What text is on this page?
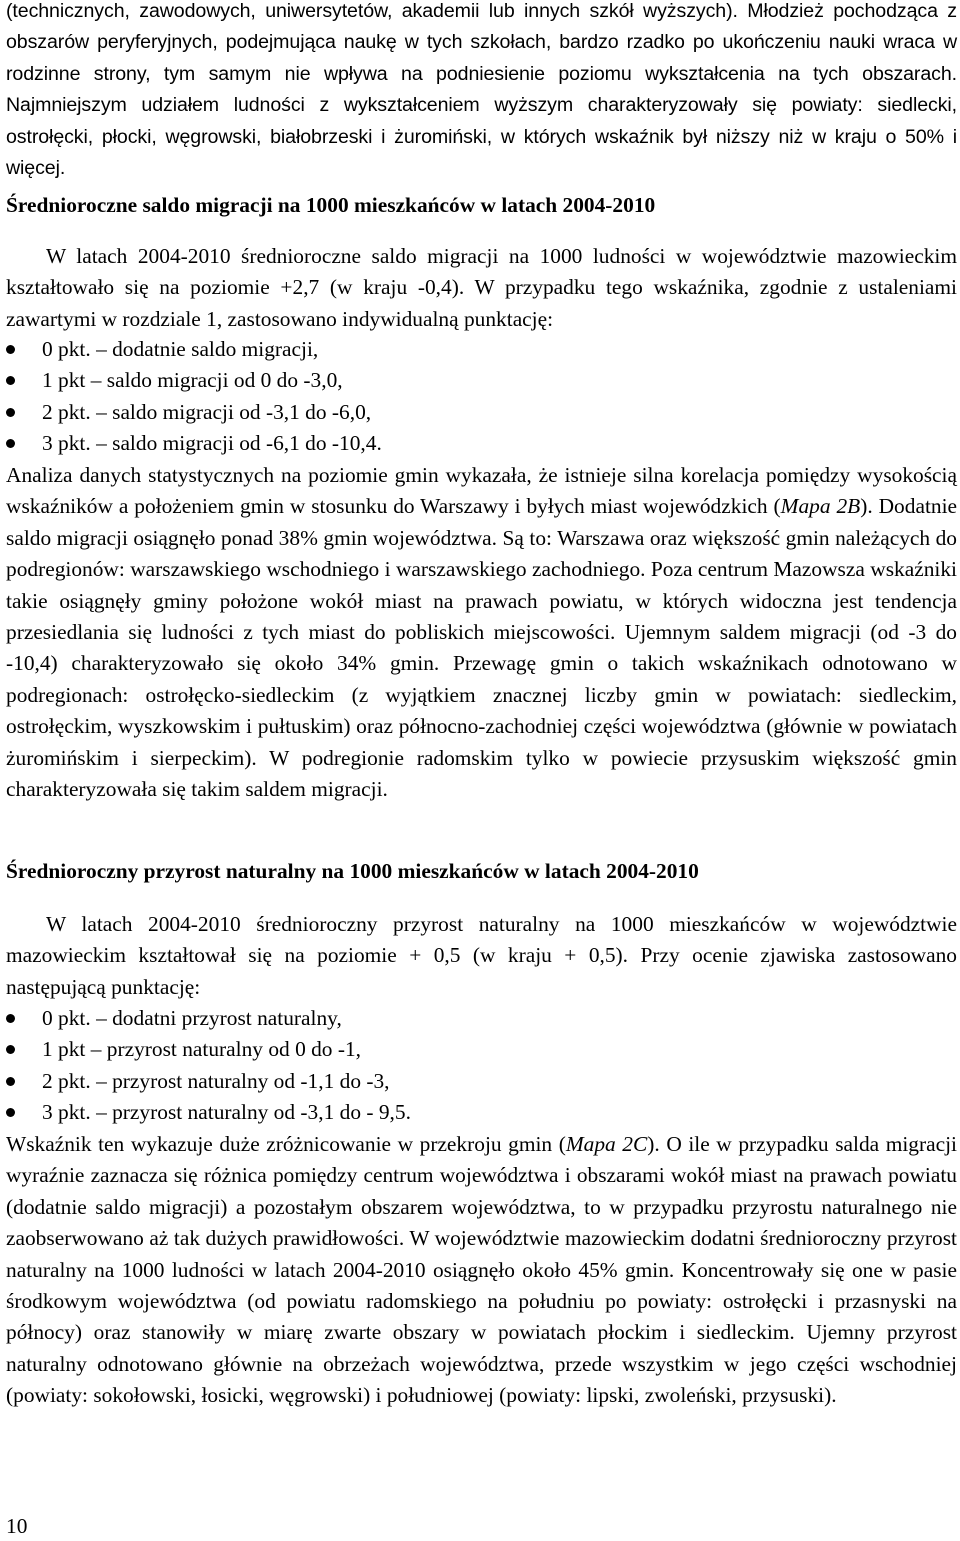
(technicznych, zawodowych, uniwersytetów, akademii lub innych szkół wyższych). Młodzież pochodząca z obszarów peryferyjnych, podejmująca naukę w tych szkołach, bardzo rzadko po ukończeniu nauki wraca w rodzinne strony, tym samym nie wpływa na podniesienie poziomu wykształcenia na tych obszarach. Najmniejszym udziałem ludności z wykształceniem wyższym charakteryzowały się powiaty: siedlecki, ostrołęcki, płocki, węgrowski, białobrzeski i żuromiński, w których wskaźnik był niższy niż w kraju o 50% i więcej.

Średnioroczne saldo migracji na 1000 mieszkańców w latach 2004-2010

W latach 2004-2010 średnioroczne saldo migracji na 1000 ludności w województwie mazowieckim kształtowało się na poziomie +2,7 (w kraju -0,4). W przypadku tego wskaźnika, zgodnie z ustaleniami zawartymi w rozdziale 1, zastosowano indywidualną punktację:

0 pkt. – dodatnie saldo migracji,
1 pkt – saldo migracji od 0 do -3,0,
2 pkt. – saldo migracji od -3,1 do -6,0,
3 pkt. – saldo migracji od -6,1 do -10,4.

Analiza danych statystycznych na poziomie gmin wykazała, że istnieje silna korelacja pomiędzy wysokością wskaźników a położeniem gmin w stosunku do Warszawy i byłych miast wojewódzkich (Mapa 2B). Dodatnie saldo migracji osiągnęło ponad 38% gmin województwa. Są to: Warszawa oraz większość gmin należących do podregionów: warszawskiego wschodniego i warszawskiego zachodniego. Poza centrum Mazowsza wskaźniki takie osiągnęły gminy położone wokół miast na prawach powiatu, w których widoczna jest tendencja przesiedlania się ludności z tych miast do pobliskich miejscowości. Ujemnym saldem migracji (od -3 do -10,4) charakteryzowało się około 34% gmin. Przewagę gmin o takich wskaźnikach odnotowano w podregionach: ostrołęcko-siedleckim (z wyjątkiem znacznej liczby gmin w powiatach: siedleckim, ostrołęckim, wyszkowskim i pułtuskim) oraz północno-zachodniej części województwa (głównie w powiatach żuromińskim i sierpeckim). W podregionie radomskim tylko w powiecie przysuskim większość gmin charakteryzowała się takim saldem migracji.

Średnioroczny przyrost naturalny na 1000 mieszkańców w latach 2004-2010

W latach 2004-2010 średnioroczny przyrost naturalny na 1000 mieszkańców w województwie mazowieckim kształtował się na poziomie + 0,5 (w kraju + 0,5). Przy ocenie zjawiska zastosowano następującą punktację:

0 pkt. – dodatni przyrost naturalny,
1 pkt – przyrost naturalny od 0 do -1,
2 pkt. – przyrost naturalny od -1,1 do -3,
3 pkt. – przyrost naturalny od -3,1 do - 9,5.

Wskaźnik ten wykazuje duże zróżnicowanie w przekroju gmin (Mapa 2C). O ile w przypadku salda migracji wyraźnie zaznacza się różnica pomiędzy centrum województwa i obszarami wokół miast na prawach powiatu (dodatnie saldo migracji) a pozostałym obszarem województwa, to w przypadku przyrostu naturalnego nie zaobserwowano aż tak dużych prawidłowości. W województwie mazowieckim dodatni średnioroczny przyrost naturalny na 1000 ludności w latach 2004-2010 osiągnęło około 45% gmin. Koncentrowały się one w pasie środkowym województwa (od powiatu radomskiego na południu po powiaty: ostrołęcki i przasnyski na północy) oraz stanowiły w miarę zwarte obszary w powiatach płockim i siedleckim. Ujemny przyrost naturalny odnotowano głównie na obrzeżach województwa, przede wszystkim w jego części wschodniej (powiaty: sokołowski, łosicki, węgrowski) i południowej (powiaty: lipski, zwoleński, przysuski).

10
